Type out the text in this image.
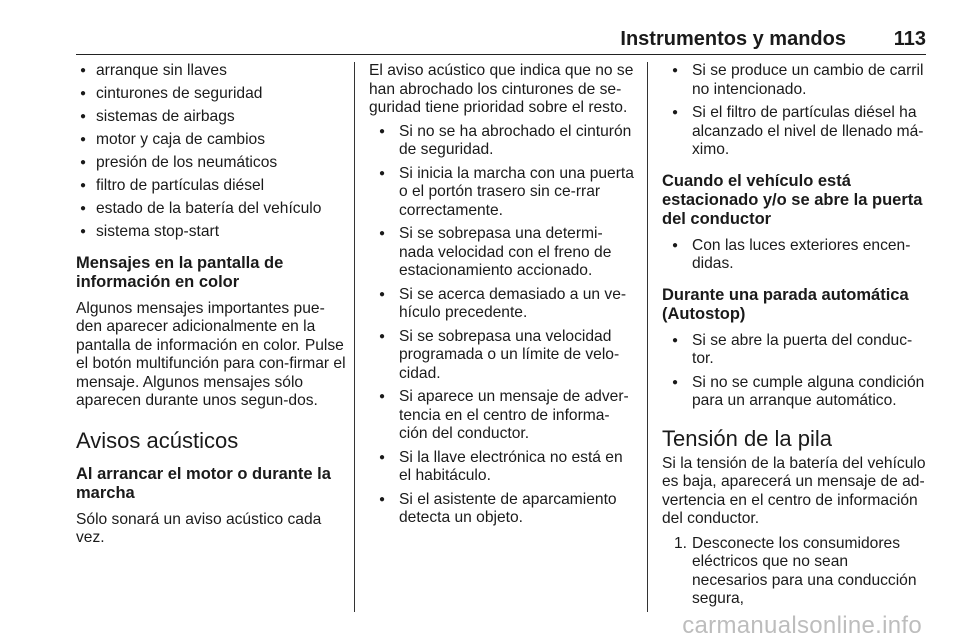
Instrumentos y mandos 113
● arranque sin llaves
● cinturones de seguridad
● sistemas de airbags
● motor y caja de cambios
● presión de los neumáticos
● filtro de partículas diésel
● estado de la batería del vehículo
● sistema stop-start
Mensajes en la pantalla de información en color

Algunos mensajes importantes pue-den aparecer adicionalmente en la pantalla de información en color. Pulse el botón multifunción para con-firmar el mensaje. Algunos mensajes sólo aparecen durante unos segun-dos.

Avisos acústicos
Al arrancar el motor o durante la marcha

Sólo sonará un aviso acústico cada vez.

El aviso acústico que indica que no se han abrochado los cinturones de se-guridad tiene prioridad sobre el resto.

● Si no se ha abrochado el cinturón de seguridad.
● Si inicia la marcha con una puerta o el portón trasero sin ce-rrar correctamente.
● Si se sobrepasa una determi-nada velocidad con el freno de estacionamiento accionado.
● Si se acerca demasiado a un ve-hículo precedente.
● Si se sobrepasa una velocidad programada o un límite de velo-cidad.
● Si aparece un mensaje de adver-tencia en el centro de informa-ción del conductor.
● Si la llave electrónica no está en el habitáculo.
● Si el asistente de aparcamiento detecta un objeto.
● Si se produce un cambio de carril no intencionado.
● Si el filtro de partículas diésel ha alcanzado el nivel de llenado má-ximo.
Cuando el vehículo está estacionado y/o se abre la puerta del conductor
● Con las luces exteriores encen-didas.
Durante una parada automática (Autostop)
● Si se abre la puerta del conduc-tor.
● Si no se cumple alguna condición para un arranque automático.
Tensión de la pila

Si la tensión de la batería del vehículo es baja, aparecerá un mensaje de ad-vertencia en el centro de información del conductor.

1. Desconecte los consumidores eléctricos que no sean necesarios para una conducción segura,
carmanualsonline.info
